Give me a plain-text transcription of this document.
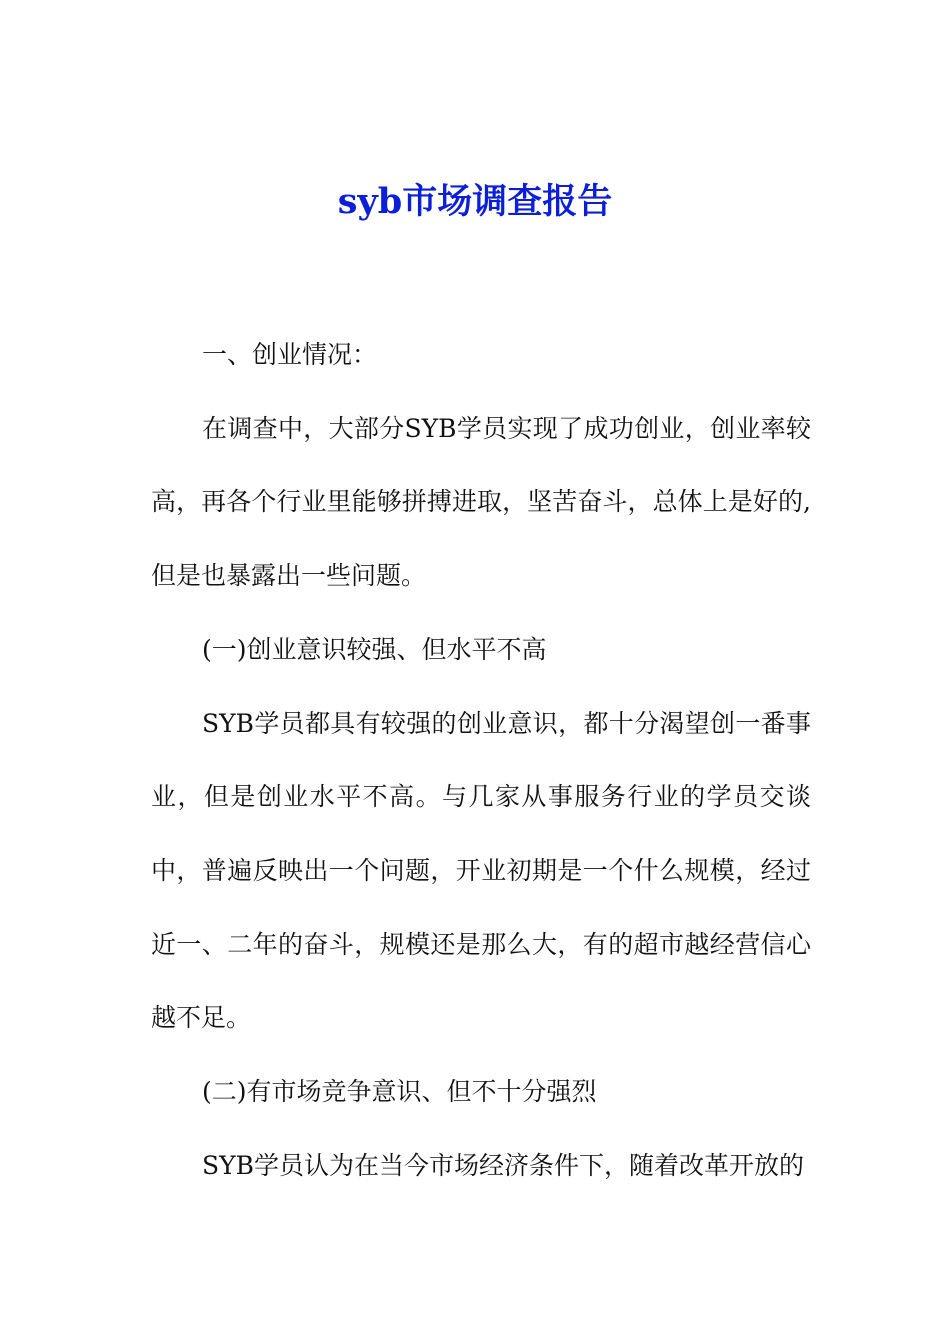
syb市场调查报告

一、创业情况：

在调查中，大部分SYB学员实现了成功创业，创业率较高，再各个行业里能够拼搏进取，坚苦奋斗，总体上是好的,但是也暴露出一些问题。

(一)创业意识较强、但水平不高

SYB学员都具有较强的创业意识，都十分渴望创一番事业，但是创业水平不高。与几家从事服务行业的学员交谈中，普遍反映出一个问题，开业初期是一个什么规模，经过近一、二年的奋斗，规模还是那么大，有的超市越经营信心越不足。

(二)有市场竞争意识、但不十分强烈

SYB学员认为在当今市场经济条件下，随着改革开放的
